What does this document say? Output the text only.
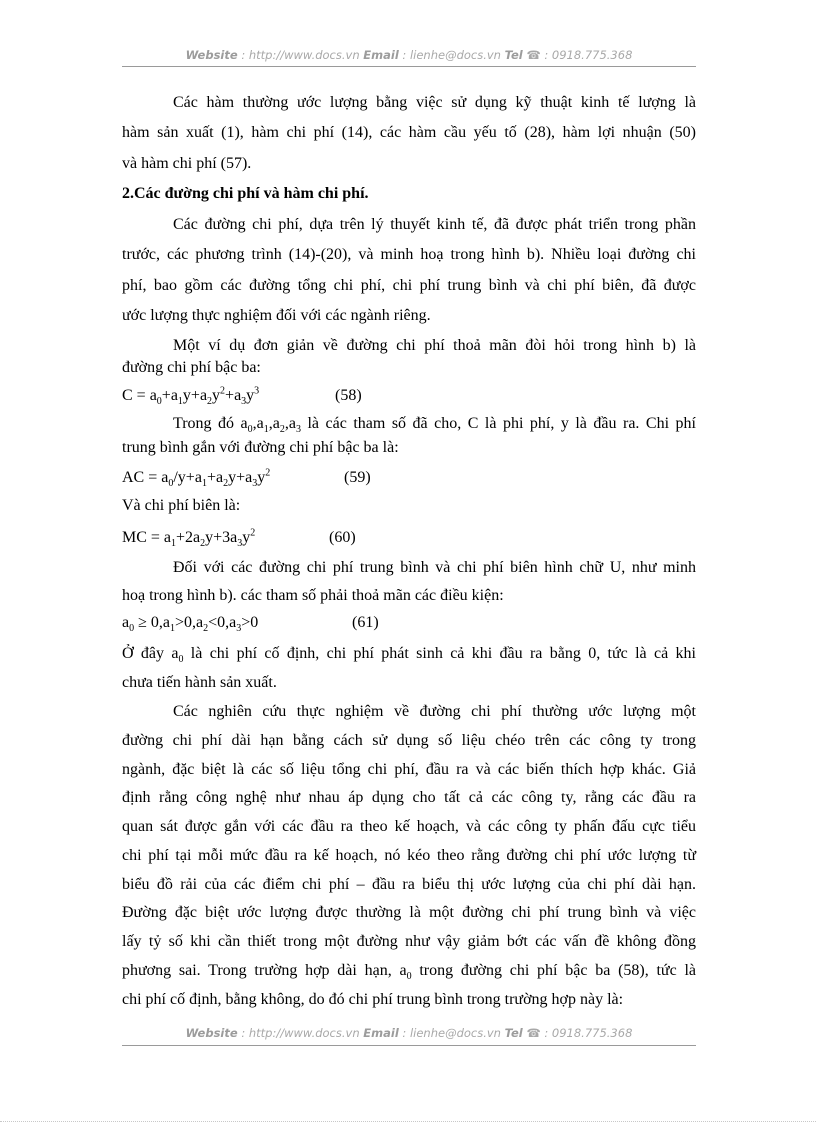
Website : http://www.docs.vn Email : lienhe@docs.vn Tel ☎ : 0918.775.368
Các hàm thường ước lượng bằng việc sử dụng kỹ thuật kinh tế lượng là
hàm sản xuất (1), hàm chi phí (14), các hàm cầu yếu tố (28), hàm lợi nhuận (50)
và hàm chi phí (57).
2.Các đường chi phí và hàm chi phí.
Các đường chi phí, dựa trên lý thuyết kinh tế, đã được phát triển trong phần
trước, các phương trình (14)-(20), và minh hoạ trong hình b). Nhiều loại đường chi
phí, bao gồm các đường tổng chi phí, chi phí trung bình và chi phí biên, đã được
ước lượng thực nghiệm đối với các ngành riêng.
Một ví dụ đơn giản về đường chi phí thoả mãn đòi hỏi trong hình b) là
đường chi phí bậc ba:
$C = a_0+a_1y+a_2y^2+a_3y^3$	(58)
Trong đó $a_0,a_1,a_2,a_3$ là các tham số đã cho, C là phi phí, y là đầu ra. Chi phí
trung bình gắn với đường chi phí bậc ba là:
AC = $a_0/y+a_1+a_2y+a_3y^2$	(59)
Và chi phí biên là:
MC = $a_1+2a_2y+3a_3y^2$	(60)
Đối với các đường chi phí trung bình và chi phí biên hình chữ U, như minh
hoạ trong hình b). các tham số phải thoả mãn các điều kiện:
$a_0 \ge 0,a_1>0,a_2<0,a_3>0$	(61)
Ở đây $a_0$ là chi phí cố định, chi phí phát sinh cả khi đầu ra bằng 0, tức là cả khi
chưa tiến hành sản xuất.
Các nghiên cứu thực nghiệm về đường chi phí thường ước lượng một
đường chi phí dài hạn bằng cách sử dụng số liệu chéo trên các công ty trong
ngành, đặc biệt là các số liệu tổng chi phí, đầu ra và các biến thích hợp khác. Giả
định rằng công nghệ như nhau áp dụng cho tất cả các công ty, rằng các đầu ra
quan sát được gắn với các đầu ra theo kế hoạch, và các công ty phấn đấu cực tiểu
chi phí tại mỗi mức đầu ra kế hoạch, nó kéo theo rằng đường chi phí ước lượng từ
biểu đồ rải của các điểm chi phí – đầu ra biểu thị ước lượng của chi phí dài hạn.
Đường đặc biệt ước lượng được thường là một đường chi phí trung bình và việc
lấy tỷ số khi cần thiết trong một đường như vậy giảm bớt các vấn đề không đồng
phương sai. Trong trường hợp dài hạn, $a_0$ trong đường chi phí bậc ba (58), tức là
chi phí cố định, bằng không, do đó chi phí trung bình trong trường hợp này là:
Website : http://www.docs.vn Email : lienhe@docs.vn Tel ☎ : 0918.775.368
